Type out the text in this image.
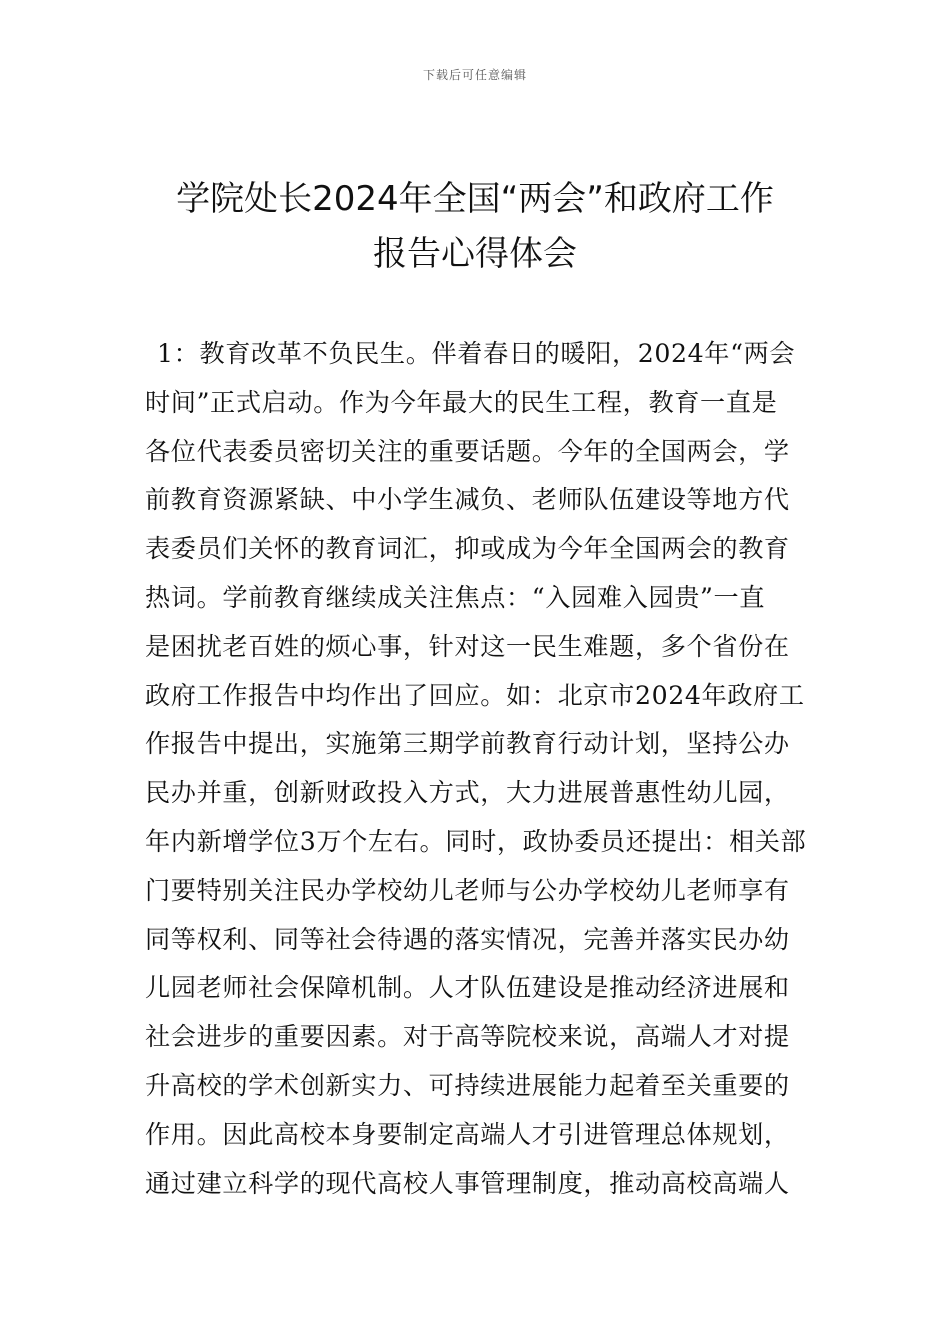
下载后可任意编辑
学院处长2024年全国“两会”和政府工作
报告心得体会
1：教育改革不负民生。伴着春日的暖阳，2024年“两会
时间”正式启动。作为今年最大的民生工程，教育一直是
各位代表委员密切关注的重要话题。今年的全国两会，学
前教育资源紧缺、中小学生减负、老师队伍建设等地方代
表委员们关怀的教育词汇，抑或成为今年全国两会的教育
热词。学前教育继续成关注焦点：“入园难入园贵”一直
是困扰老百姓的烦心事，针对这一民生难题，多个省份在
政府工作报告中均作出了回应。如：北京市2024年政府工
作报告中提出，实施第三期学前教育行动计划，坚持公办
民办并重，创新财政投入方式，大力进展普惠性幼儿园，
年内新增学位3万个左右。同时，政协委员还提出：相关部
门要特别关注民办学校幼儿老师与公办学校幼儿老师享有
同等权利、同等社会待遇的落实情况，完善并落实民办幼
儿园老师社会保障机制。人才队伍建设是推动经济进展和
社会进步的重要因素。对于高等院校来说，高端人才对提
升高校的学术创新实力、可持续进展能力起着至关重要的
作用。因此高校本身要制定高端人才引进管理总体规划，
通过建立科学的现代高校人事管理制度，推动高校高端人
